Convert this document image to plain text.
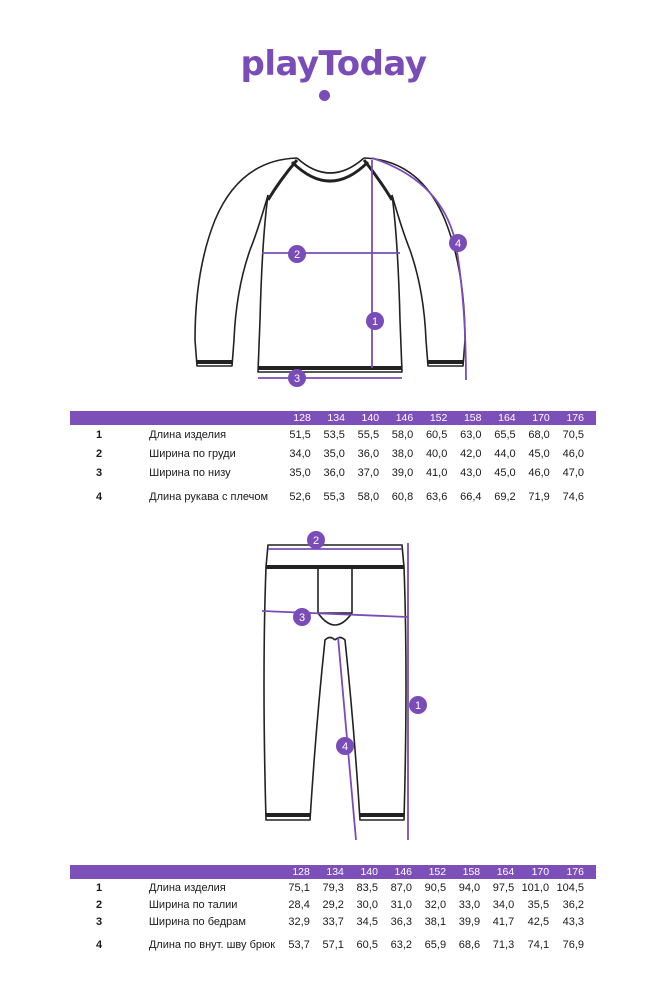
playToday
1
2
3
4
		128	134	140	146	152	158	164	170	176
1	Длина изделия	51,5	53,5	55,5	58,0	60,5	63,0	65,5	68,0	70,5
2	Ширина по груди	34,0	35,0	36,0	38,0	40,0	42,0	44,0	45,0	46,0
3	Ширина по низу	35,0	36,0	37,0	39,0	41,0	43,0	45,0	46,0	47,0
4	Длина рукава с плечом	52,6	55,3	58,0	60,8	63,6	66,4	69,2	71,9	74,6
1
2
3
4
		128	134	140	146	152	158	164	170	176
1	Длина изделия	75,1	79,3	83,5	87,0	90,5	94,0	97,5	101,0	104,5
2	Ширина по талии	28,4	29,2	30,0	31,0	32,0	33,0	34,0	35,5	36,2
3	Ширина по бедрам	32,9	33,7	34,5	36,3	38,1	39,9	41,7	42,5	43,3
4	Длина по внут. шву брюк	53,7	57,1	60,5	63,2	65,9	68,6	71,3	74,1	76,9
